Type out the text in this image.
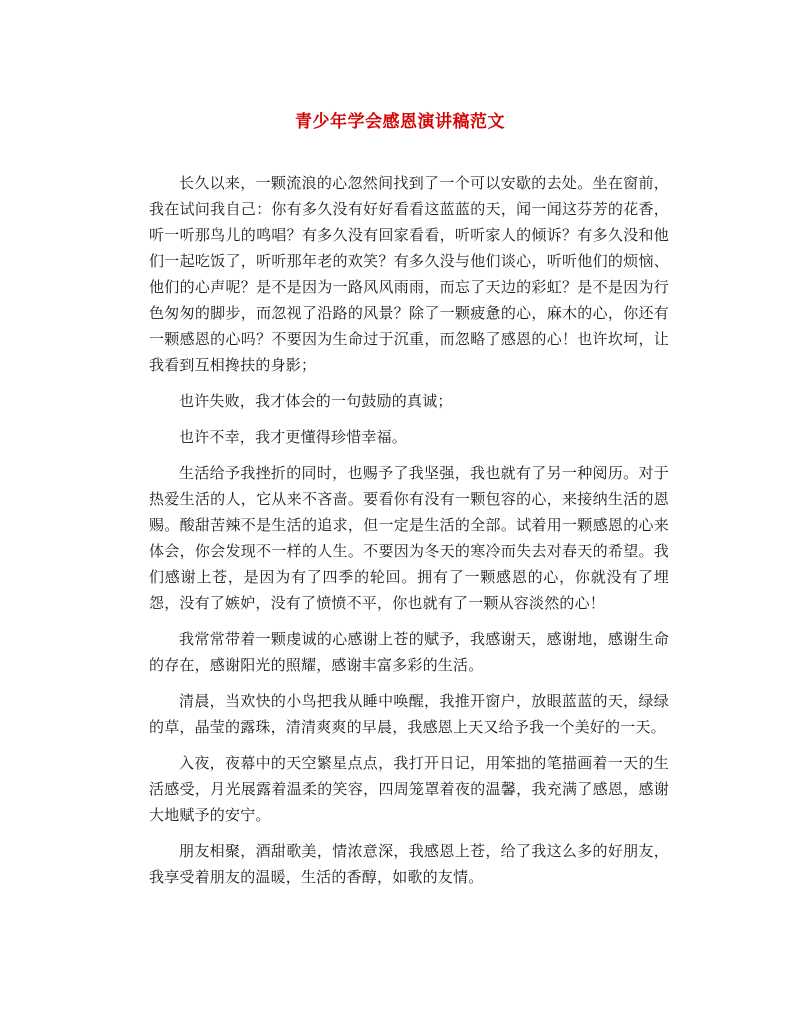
青少年学会感恩演讲稿范文

长久以来，一颗流浪的心忽然间找到了一个可以安歇的去处。坐在窗前，我在试问我自己：你有多久没有好好看看这蓝蓝的天，闻一闻这芬芳的花香，听一听那鸟儿的鸣唱？有多久没有回家看看，听听家人的倾诉？有多久没和他们一起吃饭了，听听那年老的欢笑？有多久没与他们谈心，听听他们的烦恼、他们的心声呢？是不是因为一路风风雨雨，而忘了天边的彩虹？是不是因为行色匆匆的脚步，而忽视了沿路的风景？除了一颗疲惫的心，麻木的心，你还有一颗感恩的心吗？不要因为生命过于沉重，而忽略了感恩的心！也许坎坷，让我看到互相搀扶的身影；

也许失败，我才体会的一句鼓励的真诚；

也许不幸，我才更懂得珍惜幸福。

生活给予我挫折的同时，也赐予了我坚强，我也就有了另一种阅历。对于热爱生活的人，它从来不吝啬。要看你有没有一颗包容的心，来接纳生活的恩赐。酸甜苦辣不是生活的追求，但一定是生活的全部。试着用一颗感恩的心来体会，你会发现不一样的人生。不要因为冬天的寒冷而失去对春天的希望。我们感谢上苍，是因为有了四季的轮回。拥有了一颗感恩的心，你就没有了埋怨，没有了嫉妒，没有了愤愤不平，你也就有了一颗从容淡然的心！

我常常带着一颗虔诚的心感谢上苍的赋予，我感谢天，感谢地，感谢生命的存在，感谢阳光的照耀，感谢丰富多彩的生活。

清晨，当欢快的小鸟把我从睡中唤醒，我推开窗户，放眼蓝蓝的天，绿绿的草，晶莹的露珠，清清爽爽的早晨，我感恩上天又给予我一个美好的一天。

入夜，夜幕中的天空繁星点点，我打开日记，用笨拙的笔描画着一天的生活感受，月光展露着温柔的笑容，四周笼罩着夜的温馨，我充满了感恩，感谢大地赋予的安宁。

朋友相聚，酒甜歌美，情浓意深，我感恩上苍，给了我这么多的好朋友，我享受着朋友的温暖，生活的香醇，如歌的友情。
